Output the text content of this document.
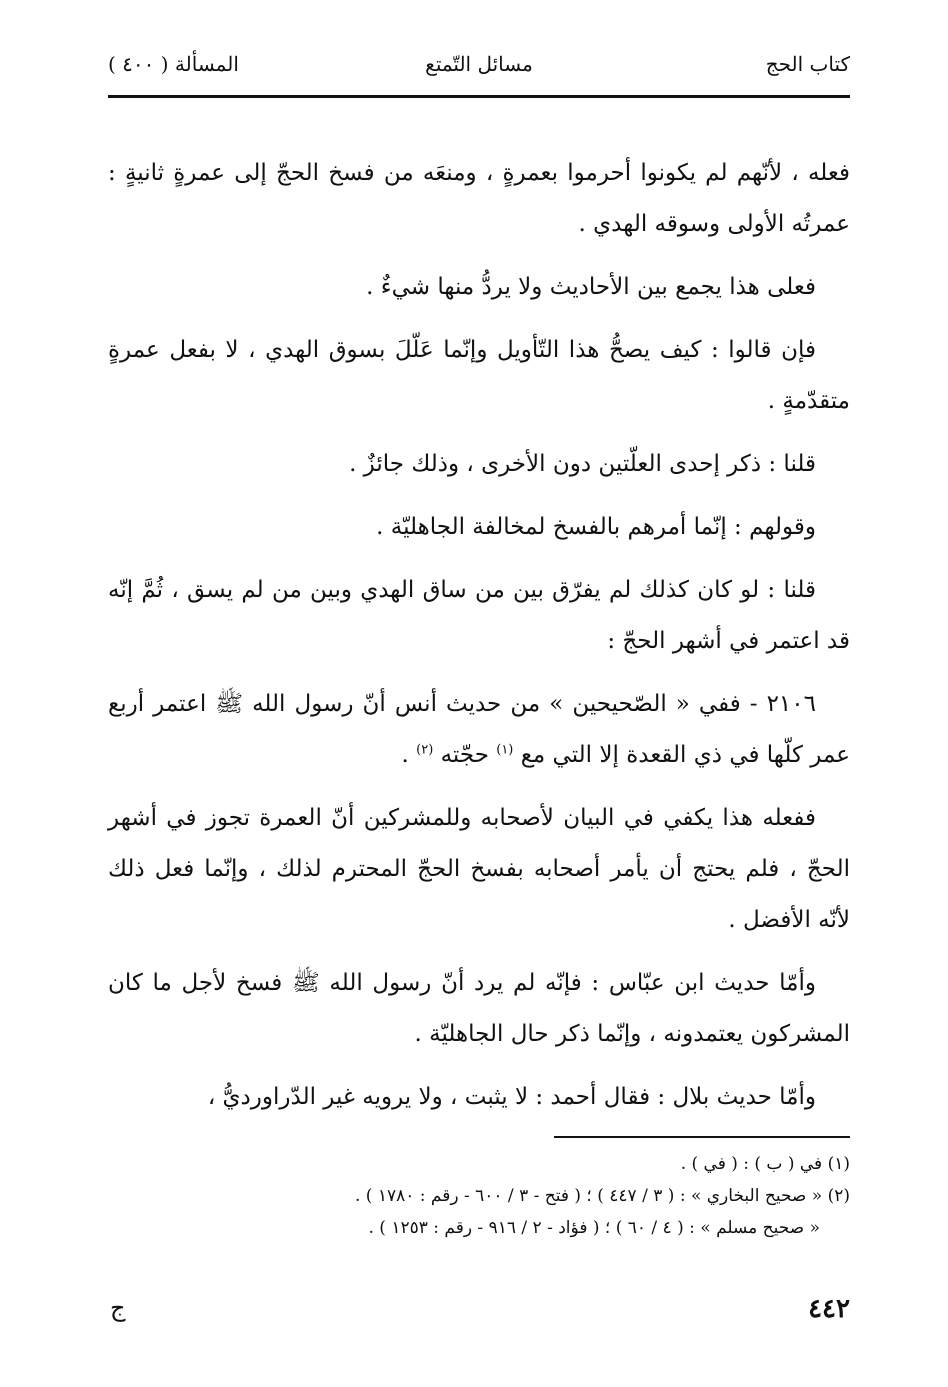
كتاب الحج
مسائل التّمتع
المسألة ( ٤٠٠ )

فعله ، لأنّهم لم يكونوا أحرموا بعمرةٍ ، ومنعَه من فسخ الحجّ إلى عمرةٍ ثانيةٍ : عمرتُه الأولى وسوقه الهدي .

فعلى هذا يجمع بين الأحاديث ولا يردُّ منها شيءٌ .

فإن قالوا : كيف يصحُّ هذا التّأويل وإنّما عَلّلَ بسوق الهدي ، لا بفعل عمرةٍ متقدّمةٍ .

قلنا : ذكر إحدى العلّتين دون الأخرى ، وذلك جائزٌ .

وقولهم : إنّما أمرهم بالفسخ لمخالفة الجاهليّة .

قلنا : لو كان كذلك لم يفرّق بين من ساق الهدي وبين من لم يسق ، ثُمَّ إنّه قد اعتمر في أشهر الحجّ :

٢١٠٦ - ففي « الصّحيحين » من حديث أنس أنّ رسول الله ﷺ اعتمر أربع عمر كلّها في ذي القعدة إلا التي مع $^{(١)}$ حجّته $^{(٢)}$ .

ففعله هذا يكفي في البيان لأصحابه وللمشركين أنّ العمرة تجوز في أشهر الحجّ ، فلم يحتج أن يأمر أصحابه بفسخ الحجّ المحترم لذلك ، وإنّما فعل ذلك لأنّه الأفضل .

وأمّا حديث ابن عبّاس : فإنّه لم يرد أنّ رسول الله ﷺ فسخ لأجل ما كان المشركون يعتمدونه ، وإنّما ذكر حال الجاهليّة .

وأمّا حديث بلال : فقال أحمد : لا يثبت ، ولا يرويه غير الدّراورديُّ ،

(١) في ( ب ) : ( في ) .
(٢) « صحيح البخاري » : ( ٣ / ٤٤٧ ) ؛ ( فتح - ٣ / ٦٠٠ - رقم : ١٧٨٠ ) .
« صحيح مسلم » : ( ٤ / ٦٠ ) ؛ ( فؤاد - ٢ / ٩١٦ - رقم : ١٢٥٣ ) .
٤٤٢
ج
